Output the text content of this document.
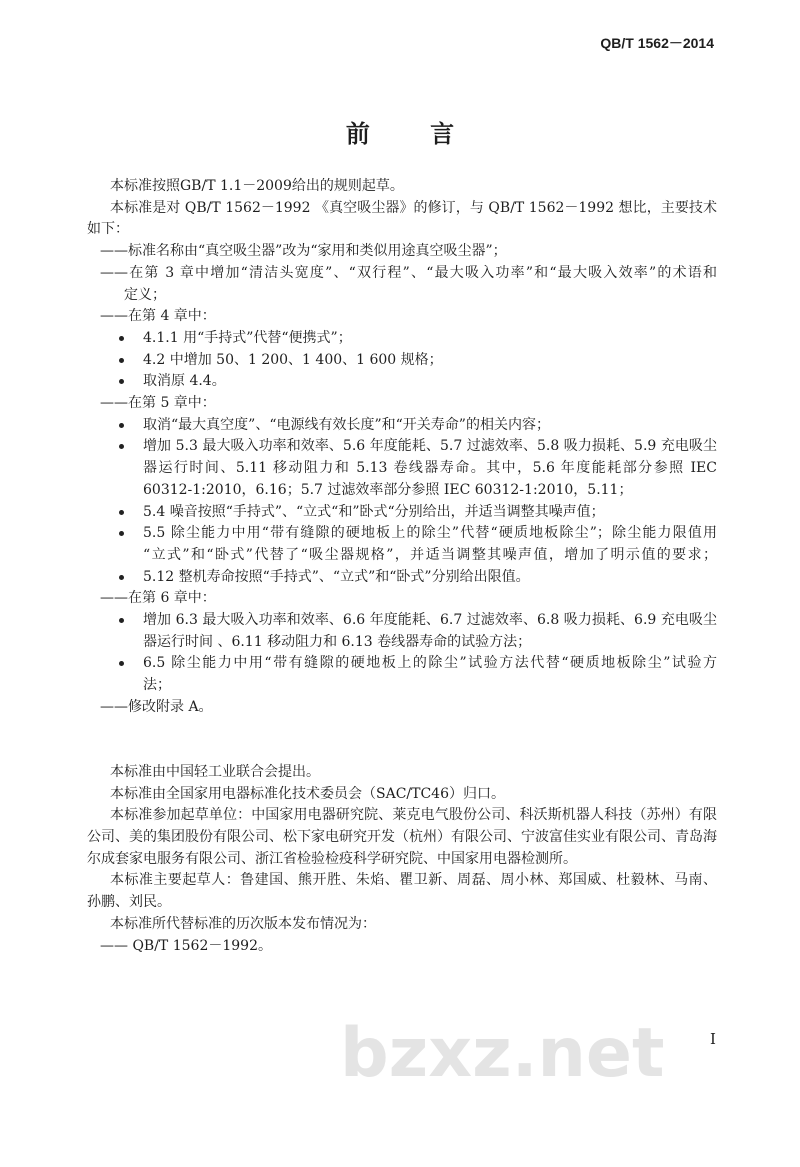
QB/T 1562－2014
前 言
本标准按照GB/T 1.1－2009给出的规则起草。
本标准是对 QB/T 1562－1992 《真空吸尘器》的修订，与 QB/T 1562－1992 想比，主要技术
如下：
——标准名称由“真空吸尘器”改为“家用和类似用途真空吸尘器”；
——在第 3 章中增加“清洁头宽度”、“双行程”、“最大吸入功率”和“最大吸入效率”的术语和
定义；
——在第 4 章中：
4.1.1 用“手持式”代替“便携式”；
4.2 中增加 50、1 200、1 400、1 600 规格；
取消原 4.4。
——在第 5 章中：
取消“最大真空度”、“电源线有效长度”和“开关寿命”的相关内容；
增加 5.3 最大吸入功率和效率、5.6 年度能耗、5.7 过滤效率、5.8 吸力损耗、5.9 充电吸尘
器运行时间、5.11 移动阻力和 5.13 卷线器寿命。其中，5.6 年度能耗部分参照 IEC
60312-1:2010，6.16；5.7 过滤效率部分参照 IEC 60312-1:2010，5.11；
5.4 噪音按照“手持式”、“立式“和”卧式“分别给出，并适当调整其噪声值；
5.5 除尘能力中用“带有缝隙的硬地板上的除尘”代替“硬质地板除尘”；除尘能力限值用
“立式”和“卧式”代替了“吸尘器规格”，并适当调整其噪声值，增加了明示值的要求；
5.12 整机寿命按照“手持式”、“立式”和“卧式”分别给出限值。
——在第 6 章中：
增加 6.3 最大吸入功率和效率、6.6 年度能耗、6.7 过滤效率、6.8 吸力损耗、6.9 充电吸尘
器运行时间 、6.11 移动阻力和 6.13 卷线器寿命的试验方法；
6.5 除尘能力中用“带有缝隙的硬地板上的除尘”试验方法代替“硬质地板除尘”试验方
法；
——修改附录 A。
本标准由中国轻工业联合会提出。
本标准由全国家用电器标准化技术委员会（SAC/TC46）归口。
本标准参加起草单位：中国家用电器研究院、莱克电气股份公司、科沃斯机器人科技（苏州）有限
公司、美的集团股份有限公司、松下家电研究开发（杭州）有限公司、宁波富佳实业有限公司、青岛海
尔成套家电服务有限公司、浙江省检验检疫科学研究院、中国家用电器检测所。
本标准主要起草人：鲁建国、熊开胜、朱焰、瞿卫新、周磊、周小林、郑国威、杜毅林、马南、
孙鹏、刘民。
本标准所代替标准的历次版本发布情况为：
—— QB/T 1562－1992。
bzxz.net	I
